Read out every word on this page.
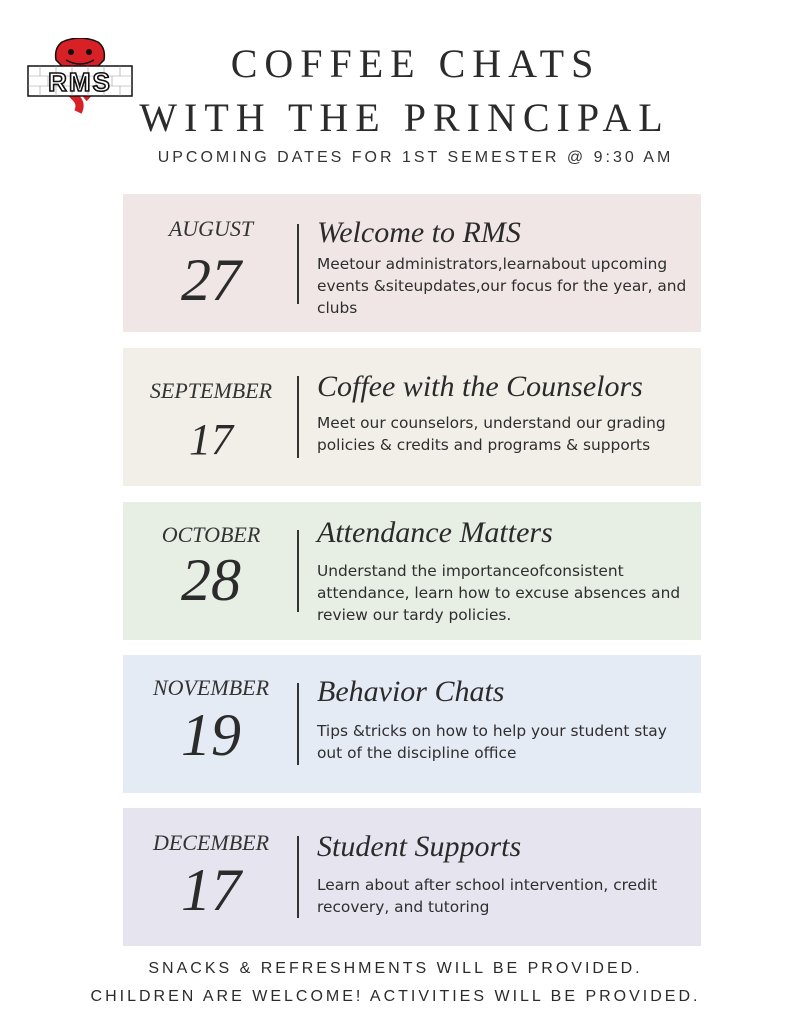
RMS	COFFEE CHATS
WITH THE PRINCIPAL
UPCOMING DATES FOR 1ST SEMESTER @ 9:30 AM
AUGUST
27
Welcome to RMS
Meetour administrators,learnabout upcoming events &siteupdates,our focus for the year, and clubs
SEPTEMBER
17
Coffee with the Counselors
Meet our counselors, understand our grading policies & credits and programs & supports
OCTOBER
28
Attendance Matters
Understand the importanceofconsistent attendance, learn how to excuse absences and review our tardy policies.
NOVEMBER
19
Behavior Chats
Tips &tricks on how to help your student stay out of the discipline office
DECEMBER
17
Student Supports
Learn about after school intervention, credit recovery, and tutoring
SNACKS & REFRESHMENTS WILL BE PROVIDED.
CHILDREN ARE WELCOME! ACTIVITIES WILL BE PROVIDED.
